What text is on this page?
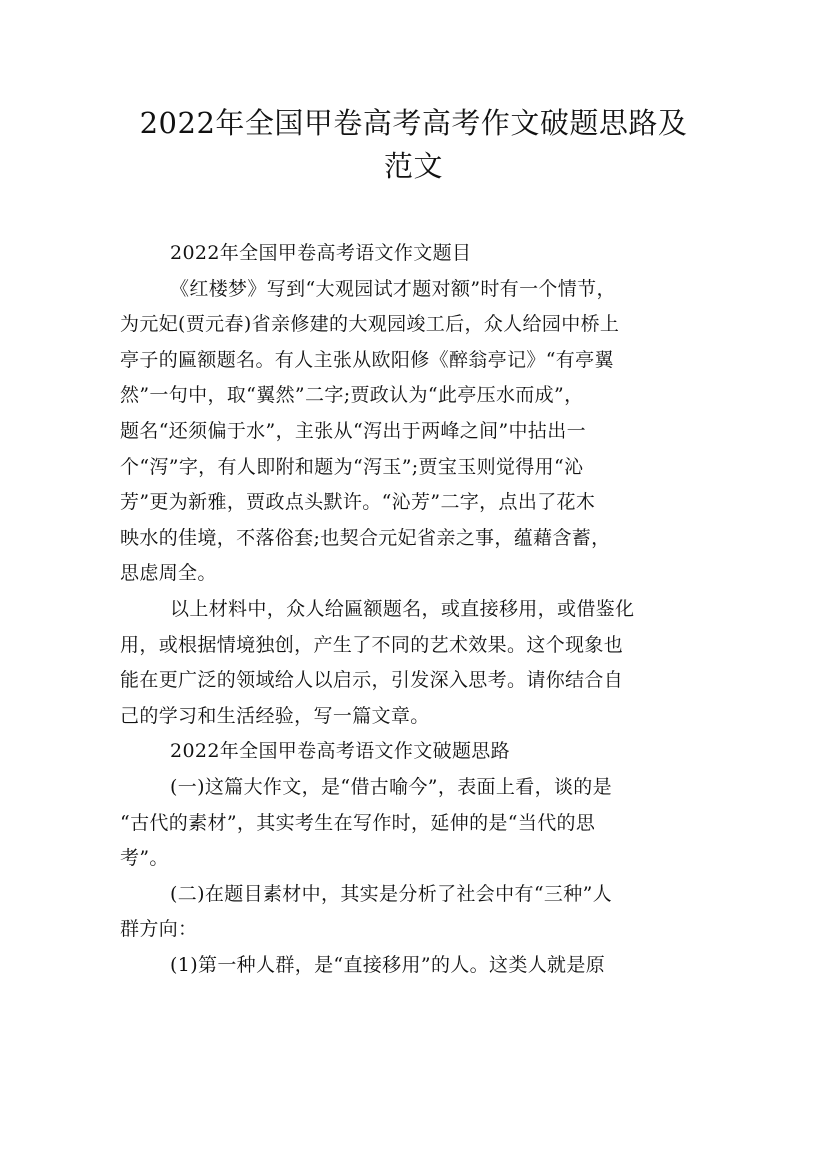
2022年全国甲卷高考高考作文破题思路及
范文
2022年全国甲卷高考语文作文题目
《红楼梦》写到“大观园试才题对额”时有一个情节，
为元妃(贾元春)省亲修建的大观园竣工后，众人给园中桥上
亭子的匾额题名。有人主张从欧阳修《醉翁亭记》“有亭翼
然”一句中，取“翼然”二字;贾政认为“此亭压水而成”，
题名“还须偏于水”，主张从“泻出于两峰之间”中拈出一
个“泻”字，有人即附和题为“泻玉”;贾宝玉则觉得用“沁
芳”更为新雅，贾政点头默许。“沁芳”二字，点出了花木
映水的佳境，不落俗套;也契合元妃省亲之事，蕴藉含蓄，
思虑周全。
以上材料中，众人给匾额题名，或直接移用，或借鉴化
用，或根据情境独创，产生了不同的艺术效果。这个现象也
能在更广泛的领域给人以启示，引发深入思考。请你结合自
己的学习和生活经验，写一篇文章。
2022年全国甲卷高考语文作文破题思路
(一)这篇大作文，是“借古喻今”，表面上看，谈的是
“古代的素材”，其实考生在写作时，延伸的是“当代的思
考”。
(二)在题目素材中，其实是分析了社会中有“三种”人
群方向：
(1)第一种人群，是“直接移用”的人。这类人就是原
